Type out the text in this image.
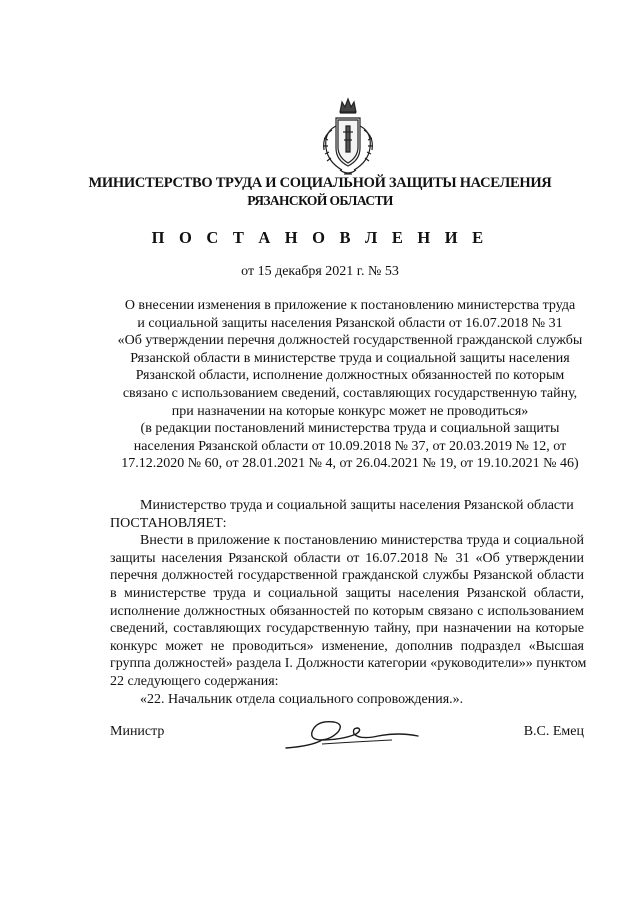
МИНИСТЕРСТВО ТРУДА И СОЦИАЛЬНОЙ ЗАЩИТЫ НАСЕЛЕНИЯ
РЯЗАНСКОЙ ОБЛАСТИ
П О С Т А Н О В Л Е Н И Е
от 15 декабря 2021 г. № 53
О внесении изменения в приложение к постановлению министерства труда
и социальной защиты населения Рязанской области от 16.07.2018 № 31
«Об утверждении перечня должностей государственной гражданской службы
Рязанской области в министерстве труда и социальной защиты населения
Рязанской области, исполнение должностных обязанностей по которым
связано с использованием сведений, составляющих государственную тайну,
при назначении на которые конкурс может не проводиться»
(в редакции постановлений министерства труда и социальной защиты
населения Рязанской области от 10.09.2018 № 37, от 20.03.2019 № 12, от
17.12.2020 № 60, от 28.01.2021 № 4, от 26.04.2021 № 19, от 19.10.2021 № 46)
Министерство труда и социальной защиты населения Рязанской области
ПОСТАНОВЛЯЕТ:
Внести в приложение к постановлению министерства труда и социальной
защиты населения Рязанской области от 16.07.2018 № 31 «Об утверждении
перечня должностей государственной гражданской службы Рязанской области
в министерстве труда и социальной защиты населения Рязанской области,
исполнение должностных обязанностей по которым связано с использованием
сведений, составляющих государственную тайну, при назначении на которые
конкурс может не проводиться» изменение, дополнив подраздел «Высшая
группа должностей» раздела I. Должности категории «руководители»» пунктом
22 следующего содержания:
«22. Начальник отдела социального сопровождения.».
Министр	В.С. Емец
